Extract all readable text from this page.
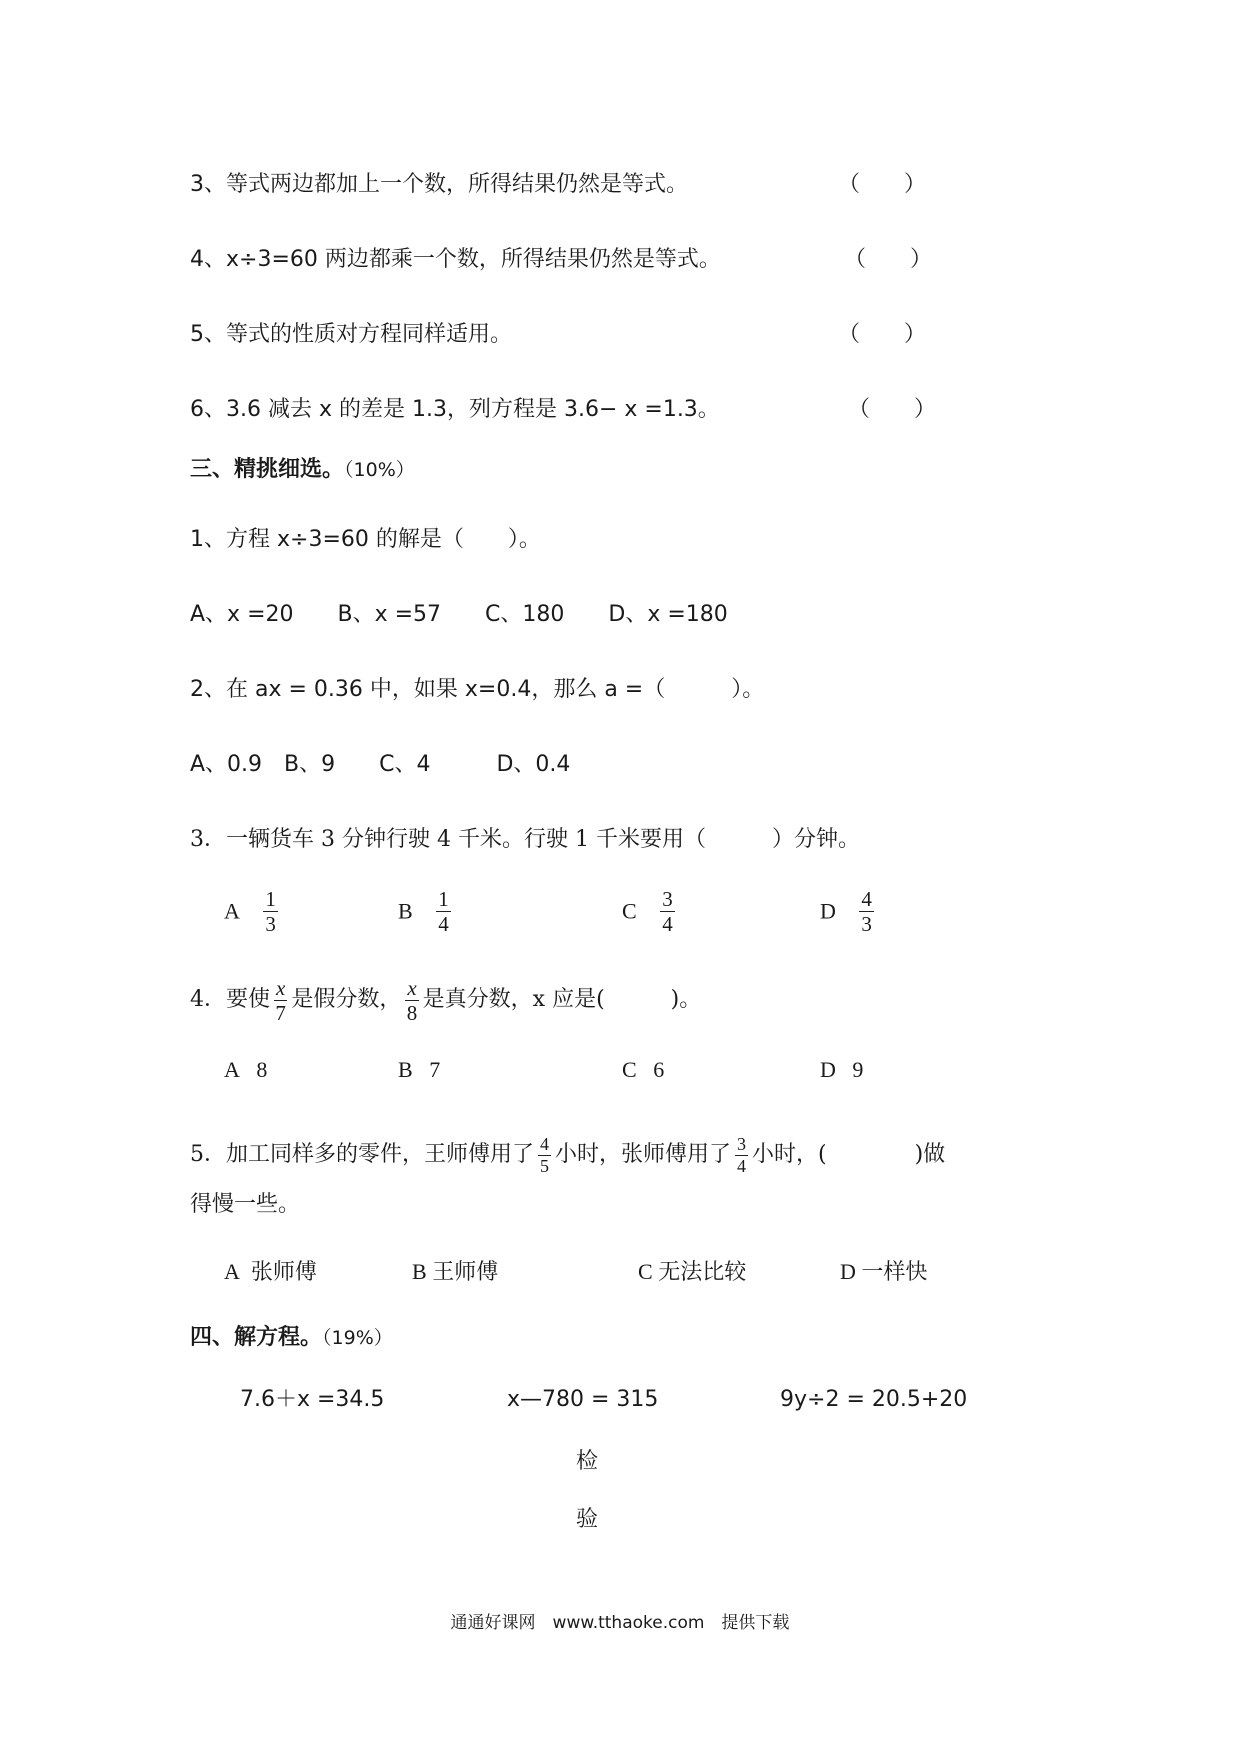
3、等式两边都加上一个数，所得结果仍然是等式。	（　　）
4、x÷3=60 两边都乘一个数，所得结果仍然是等式。	（　　）
5、等式的性质对方程同样适用。	（　　）
6、3.6 减去 x 的差是 1.3，列方程是 3.6− x =1.3。	（　　）
三、精挑细选。（10%）
1、方程 x÷3=60 的解是（　　）。
A、x =20　　B、x =57　　C、180　　D、x =180
2、在 ax = 0.36 中，如果 x=0.4，那么 a =（　　　）。
A、0.9　B、9　　C、4　　　D、0.4
3．一辆货车 3 分钟行驶 4 千米。行驶 1 千米要用（　　　）分钟。
A $\frac{1}{3}$	B $\frac{1}{4}$	C $\frac{3}{4}$	D $\frac{4}{3}$
4．要使 $\frac{x}{7}$ 是假分数， $\frac{x}{8}$ 是真分数，x 应是(　　　)。
A 8	B 7	C 6	D 9
5．加工同样多的零件，王师傅用了 $\frac{4}{5}$ 小时，张师傅用了 $\frac{3}{4}$ 小时，(　　　　)做
得慢一些。
A 张师傅	B 王师傅	C 无法比较	D 一样快
四、解方程。（19%）
7.6＋x =34.5	x—780 = 315	9y÷2 = 20.5+20
检
验
通通好课网　www.tthaoke.com　提供下载
